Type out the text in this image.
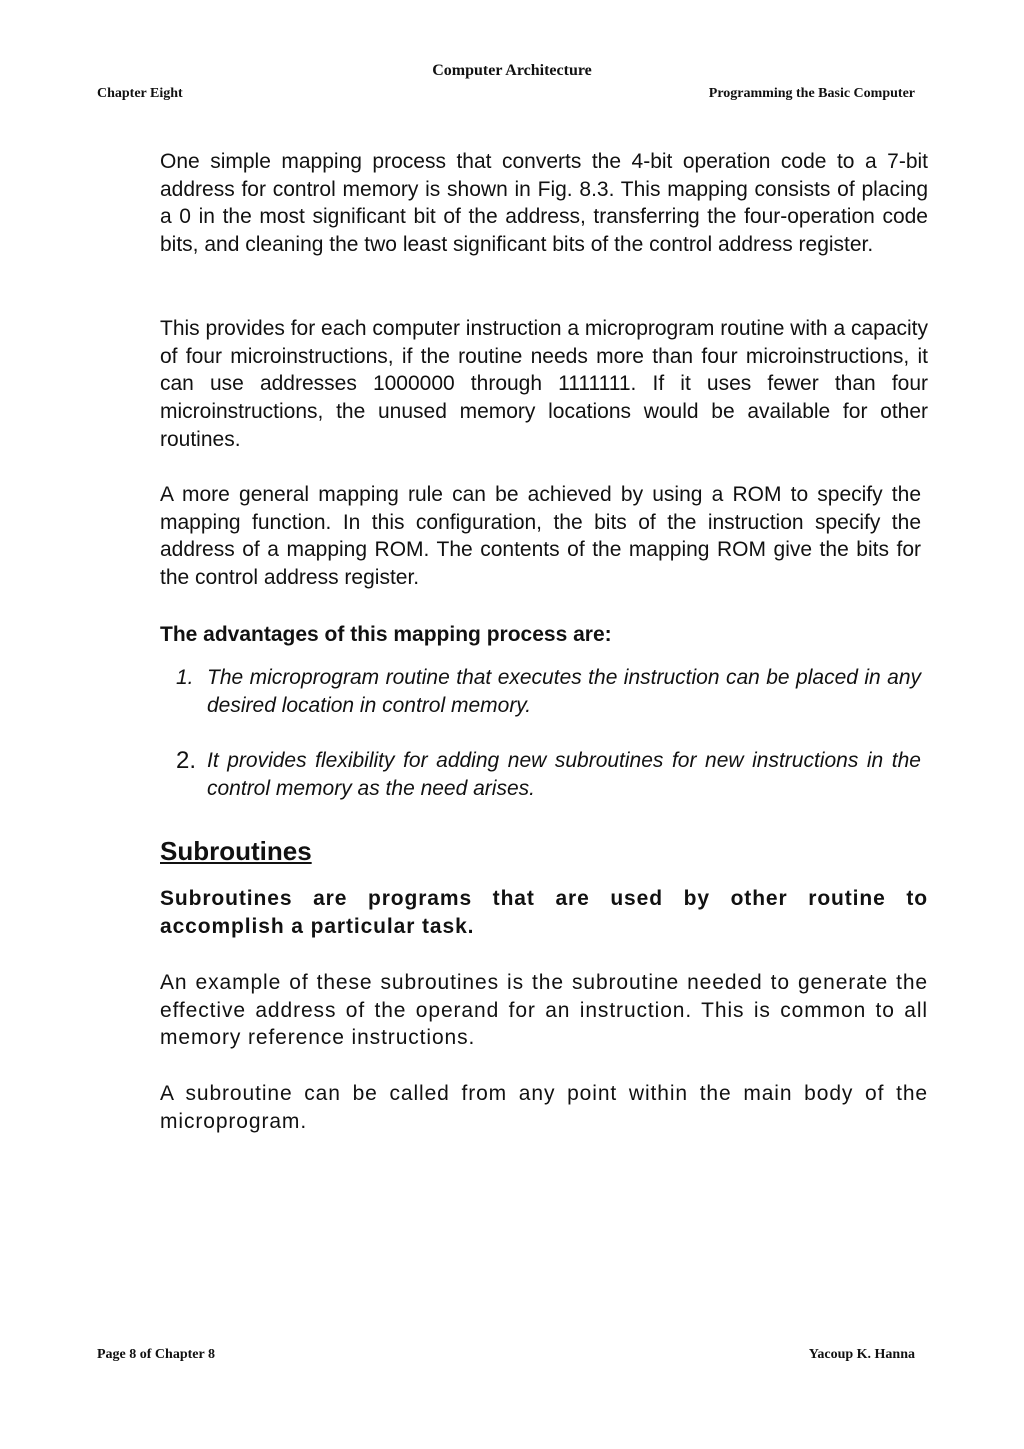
Computer Architecture
Chapter Eight	Programming the Basic Computer

One simple mapping process that converts the 4-bit operation code to a 7-bit address for control memory is shown in Fig. 8.3. This mapping consists of placing a 0 in the most significant bit of the address, transferring the four-operation code bits, and cleaning the two least significant bits of the control address register.

This provides for each computer instruction a microprogram routine with a capacity of four microinstructions, if the routine needs more than four microinstructions, it can use addresses 1000000 through 1111111. If it uses fewer than four microinstructions, the unused memory locations would be available for other routines.

A more general mapping rule can be achieved by using a ROM to specify the mapping function. In this configuration, the bits of the instruction specify the address of a mapping ROM. The contents of the mapping ROM give the bits for the control address register.

The advantages of this mapping process are:

1. The microprogram routine that executes the instruction can be placed in any desired location in control memory.
2. It provides flexibility for adding new subroutines for new instructions in the control memory as the need arises.
Subroutines

Subroutines are programs that are used by other routine to accomplish a particular task.

An example of these subroutines is the subroutine needed to generate the effective address of the operand for an instruction. This is common to all memory reference instructions.

A subroutine can be called from any point within the main body of the microprogram.

Page 8 of Chapter 8	Yacoup K. Hanna
